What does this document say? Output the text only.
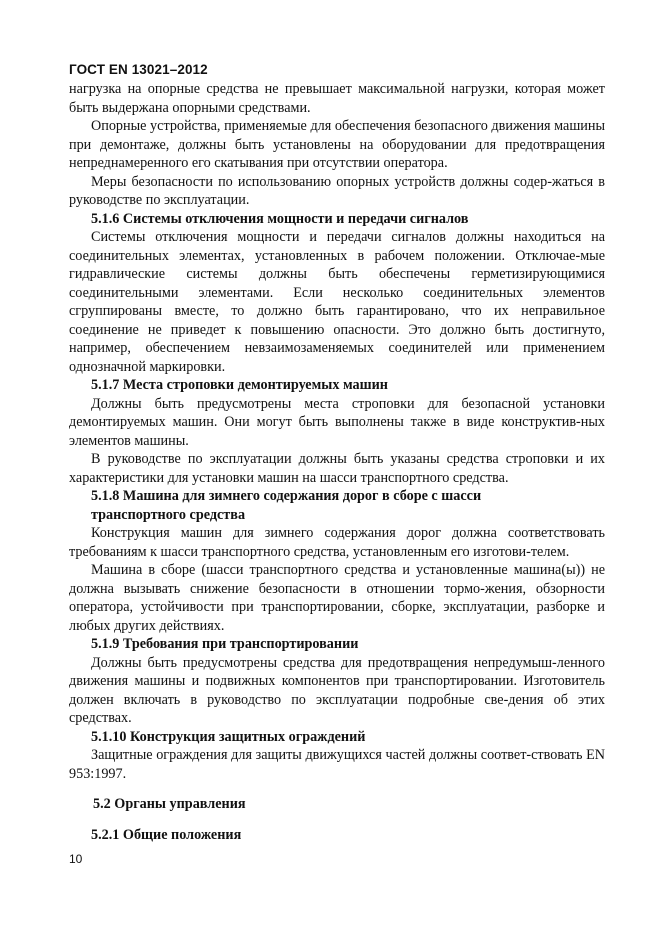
ГОСТ EN 13021–2012

нагрузка на опорные средства не превышает максимальной нагрузки, которая может быть выдержана опорными средствами.

Опорные устройства, применяемые для обеспечения безопасного движения машины при демонтаже, должны быть установлены на оборудовании для предотвращения непреднамеренного его скатывания при отсутствии оператора.

Меры безопасности по использованию опорных устройств должны содер-жаться в руководстве по эксплуатации.

5.1.6 Системы отключения мощности и передачи сигналов

Системы отключения мощности и передачи сигналов должны находиться на соединительных элементах, установленных в рабочем положении. Отключае-мые гидравлические системы должны быть обеспечены герметизирующимися соединительными элементами. Если несколько соединительных элементов сгруппированы вместе, то должно быть гарантировано, что их неправильное соединение не приведет к повышению опасности. Это должно быть достигнуто, например, обеспечением невзаимозаменяемых соединителей или применением однозначной маркировки.

5.1.7 Места строповки демонтируемых машин

Должны быть предусмотрены места строповки для безопасной установки демонтируемых машин. Они могут быть выполнены также в виде конструктив-ных элементов машины.

В руководстве по эксплуатации должны быть указаны средства строповки и их характеристики для установки машин на шасси транспортного средства.

5.1.8 Машина для зимнего содержания дорог в сборе с шасси транспортного средства

Конструкция машин для зимнего содержания дорог должна соответствовать требованиям к шасси транспортного средства, установленным его изготови-телем.

Машина в сборе (шасси транспортного средства и установленные машина(ы)) не должна вызывать снижение безопасности в отношении тормо-жения, обзорности оператора, устойчивости при транспортировании, сборке, эксплуатации, разборке и любых других действиях.

5.1.9 Требования при транспортировании

Должны быть предусмотрены средства для предотвращения непредумыш-ленного движения машины и подвижных компонентов при транспортировании. Изготовитель должен включать в руководство по эксплуатации подробные све-дения об этих средствах.

5.1.10 Конструкция защитных ограждений

Защитные ограждения для защиты движущихся частей должны соответ-ствовать EN 953:1997.

5.2 Органы управления

5.2.1 Общие положения

10
